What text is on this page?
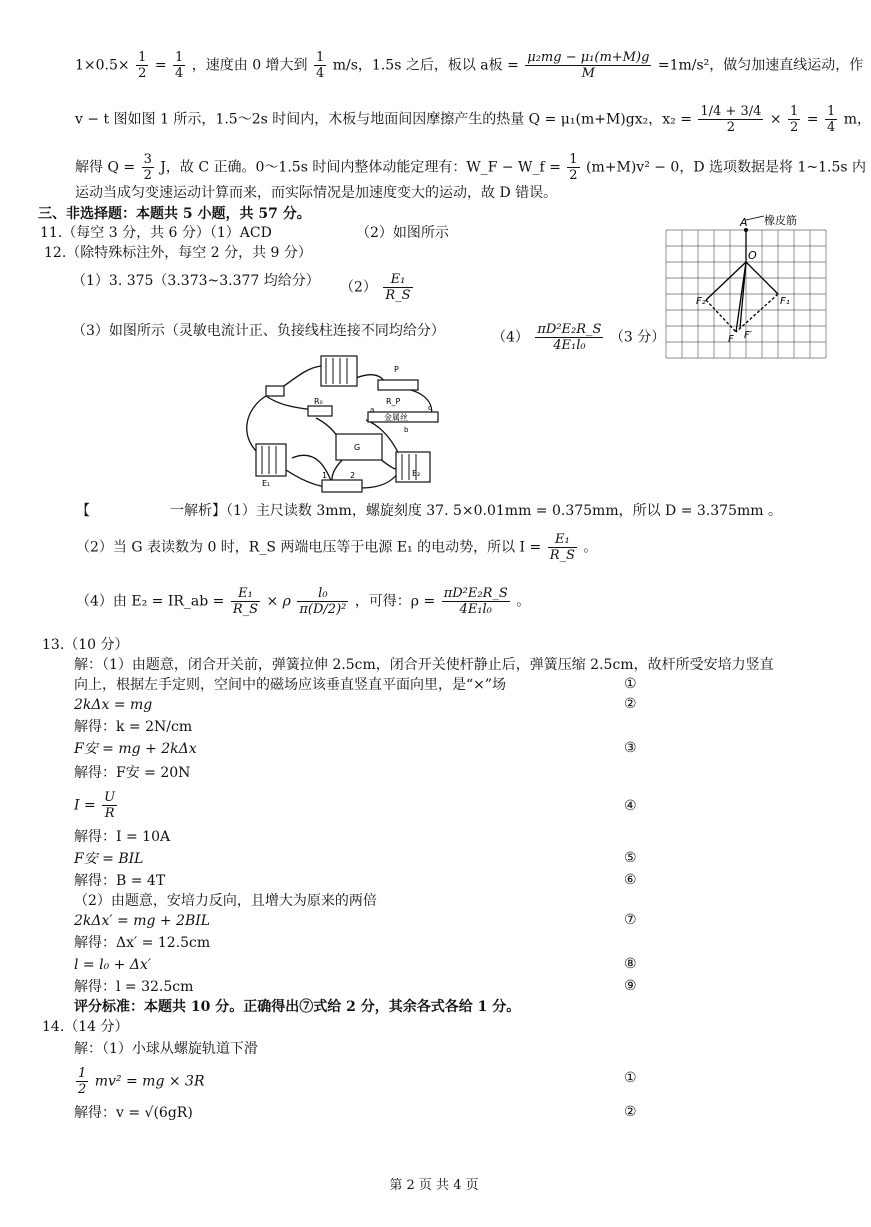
$1\times 0.5\times \frac{1}{2} = \frac{1}{4}$ ，速度由 0 增大到 $\frac{1}{4} m/s$，1.5s 之后，板以 a板 = $\frac{\text{μ₂mg − μ₁(m+M)g}}{M} =1m/s^2$，做匀加速直线运动，作
v − t 图如图 1 所示，1.5～2s 时间内，木板与地面间因摩擦产生的热量 Q = μ₁(m+M)gx₂，$x_2 = \frac{1/4 + 3/4}{2} \times \frac{1}{2} = \frac{1}{4}$ m，
解得 $Q = \frac{3}{2}$ J，故 C 正确。0～1.5s 时间内整体动能定理有：W_F − W_f = $\frac{1}{2} (m+M)v^2 - 0$，D 选项数据是将 1~1.5s 内
运动当成匀变速运动计算而来，而实际情况是加速度变大的运动，故 D 错误。
三、非选择题：本题共 5 小题，共 57 分。
11.（每空 3 分，共 6 分）（1）ACD	（2）如图所示
12.（除特殊标注外，每空 2 分，共 9 分）
（1）3. 375（3.373~3.377 均给分） $(2) \frac{\text{E₁}}{R\_S}$
（3）如图所示（灵敏电流计正、负接线柱连接不同均给分）	$(4) \frac{\text{πD²E₂R\_S}}{\text{4E₁l₀}} (3$ 分）
A 橡皮筋
O
F₂	F₁
F F′
P
R_P
R₀
金属丝
a
b
c
E₁
E₂
G
1	2
【	一解析】（1）主尺读数 3mm，螺旋刻度 37. 5×0.01mm = 0.375mm，所以 D = 3.375mm 。
（2）当 G 表读数为 0 时，R_S 两端电压等于电源 E₁ 的电动势，所以 $I = \frac{\text{E₁}}{R\_S}$ 。
（4）由 E₂ = IR_ab = $\frac{\text{E₁}}{R\_S} \times \rho \frac{\text{l₀}}{\text{π(D/2)²}}$ ，可得：$\rho = \frac{\text{πD²E₂R\_S}}{\text{4E₁l₀}}$ 。
13.（10 分）
解：（1）由题意，闭合开关前，弹簧拉伸 2.5cm，闭合开关使杆静止后，弹簧压缩 2.5cm，故杆所受安培力竖直
向上，根据左手定则，空间中的磁场应该垂直竖直平面向里，是“×”场	①
2kΔx = mg	②
解得：k = 2N/cm
F安 = mg + 2kΔx	③
解得：F安 = 20N
$I = \frac{U}{R}$	④
解得：I = 10A
F安 = BIL	⑤
解得：B = 4T	⑥
（2）由题意，安培力反向，且增大为原来的两倍
2kΔx′ = mg + 2BIL	⑦
解得：Δx′ = 12.5cm
l = l₀ + Δx′	⑧
解得：l = 32.5cm	⑨
评分标准：本题共 10 分。正确得出⑦式给 2 分，其余各式各给 1 分。
14.（14 分）
解：（1）小球从螺旋轨道下滑
$\frac{1}{2} mv^2$ = mg × 3R	①
解得：v = √(6gR)	②
第 2 页 共 4 页
